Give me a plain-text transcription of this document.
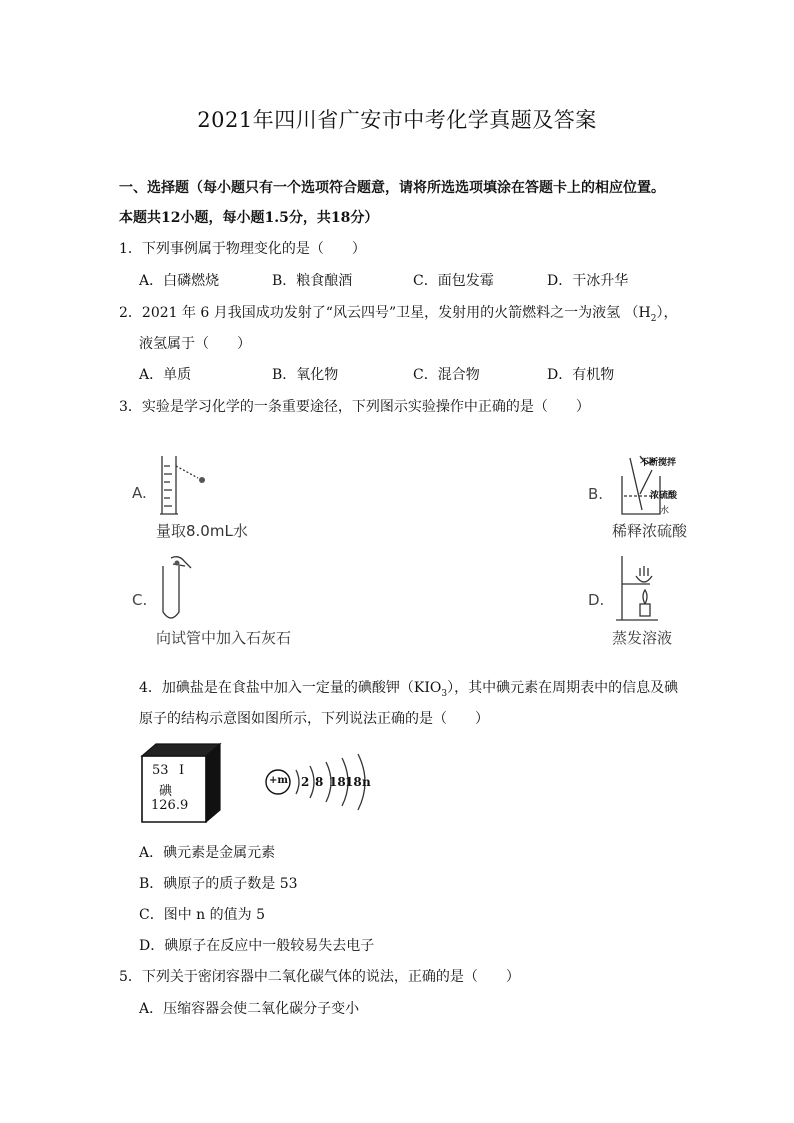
2021年四川省广安市中考化学真题及答案
一、选择题（每小题只有一个选项符合题意，请将所选选项填涂在答题卡上的相应位置。
本题共12小题，每小题1.5分，共18分）
1．下列事例属于物理变化的是（　　）
A．白磷燃烧	B．粮食酿酒	C．面包发霉	D．干冰升华
2．2021 年 6 月我国成功发射了“风云四号”卫星，发射用的火箭燃料之一为液氢 $(H_2)$，
液氢属于（　　）
A．单质	B．氧化物	C．混合物	D．有机物
3．实验是学习化学的一条重要途径，下列图示实验操作中正确的是（　　）
A.
量取8.0mL水
B.
不断搅拌
浓硫酸
水
稀释浓硫酸
C.
向试管中加入石灰石
D.
蒸发溶液
4．加碘盐是在食盐中加入一定量的碘酸钾$(KIO_3)$，其中碘元素在周期表中的信息及碘
原子的结构示意图如图所示，下列说法正确的是（　　）
53 I
碘
126.9
+m 2 8 18 18 n
A．碘元素是金属元素
B．碘原子的质子数是 53
C．图中 n 的值为 5
D．碘原子在反应中一般较易失去电子
5．下列关于密闭容器中二氧化碳气体的说法，正确的是（　　）
A．压缩容器会使二氧化碳分子变小
